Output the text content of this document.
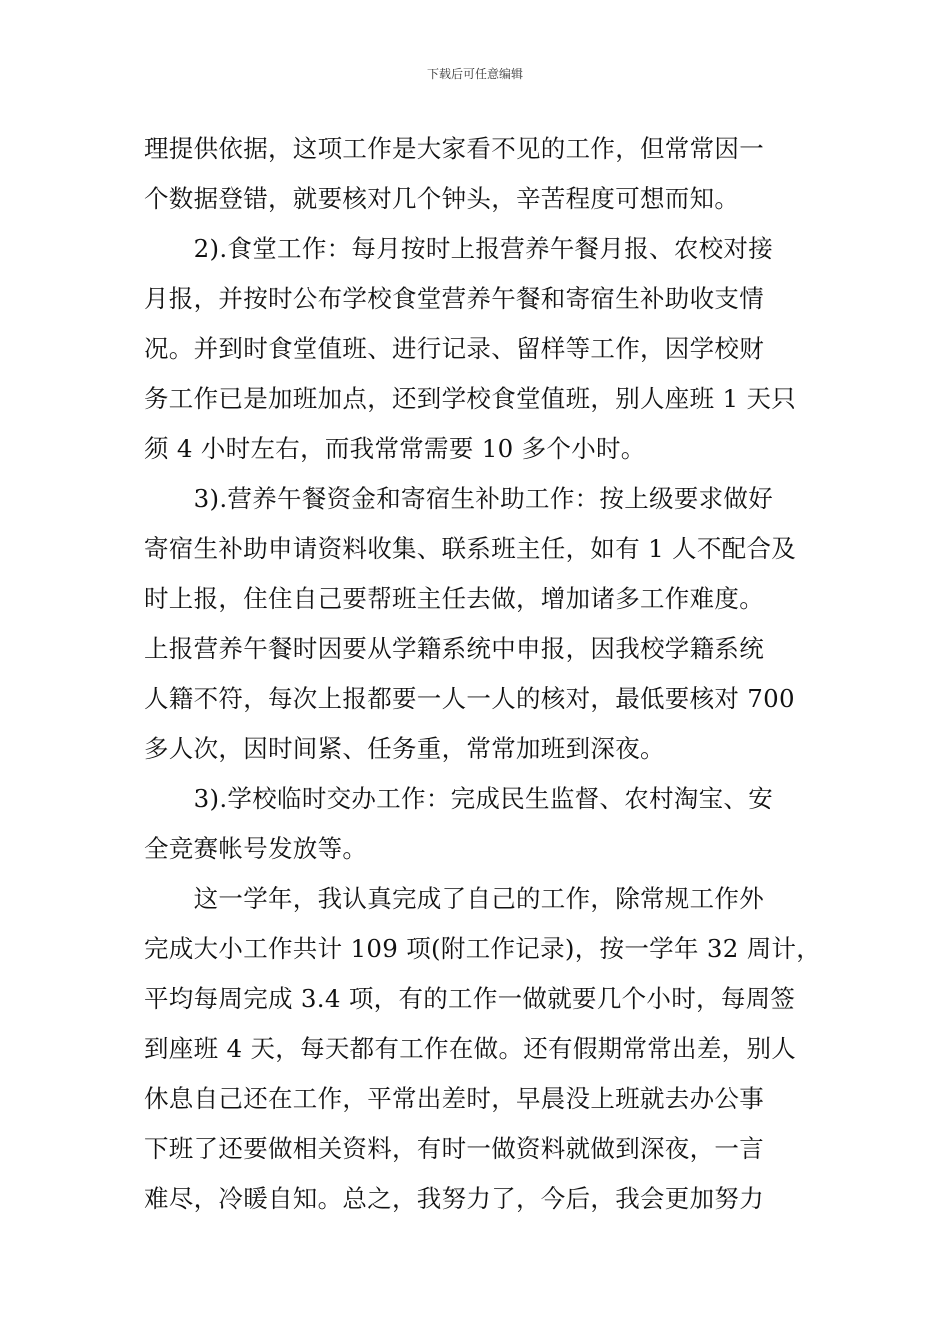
下载后可任意编辑
理提供依据，这项工作是大家看不见的工作，但常常因一
个数据登错，就要核对几个钟头，辛苦程度可想而知。
　　2).食堂工作：每月按时上报营养午餐月报、农校对接
月报，并按时公布学校食堂营养午餐和寄宿生补助收支情
况。并到时食堂值班、进行记录、留样等工作，因学校财
务工作已是加班加点，还到学校食堂值班，别人座班 1 天只
须 4 小时左右，而我常常需要 10 多个小时。
　　3).营养午餐资金和寄宿生补助工作：按上级要求做好
寄宿生补助申请资料收集、联系班主任，如有 1 人不配合及
时上报，住住自己要帮班主任去做，增加诸多工作难度。
上报营养午餐时因要从学籍系统中申报，因我校学籍系统
人籍不符，每次上报都要一人一人的核对，最低要核对 700
多人次，因时间紧、任务重，常常加班到深夜。
　　3).学校临时交办工作：完成民生监督、农村淘宝、安
全竞赛帐号发放等。
　　这一学年，我认真完成了自己的工作，除常规工作外
完成大小工作共计 109 项(附工作记录)，按一学年 32 周计，
平均每周完成 3.4 项，有的工作一做就要几个小时，每周签
到座班 4 天，每天都有工作在做。还有假期常常出差，别人
休息自己还在工作，平常出差时，早晨没上班就去办公事
下班了还要做相关资料，有时一做资料就做到深夜，一言
难尽，冷暖自知。总之，我努力了，今后，我会更加努力
